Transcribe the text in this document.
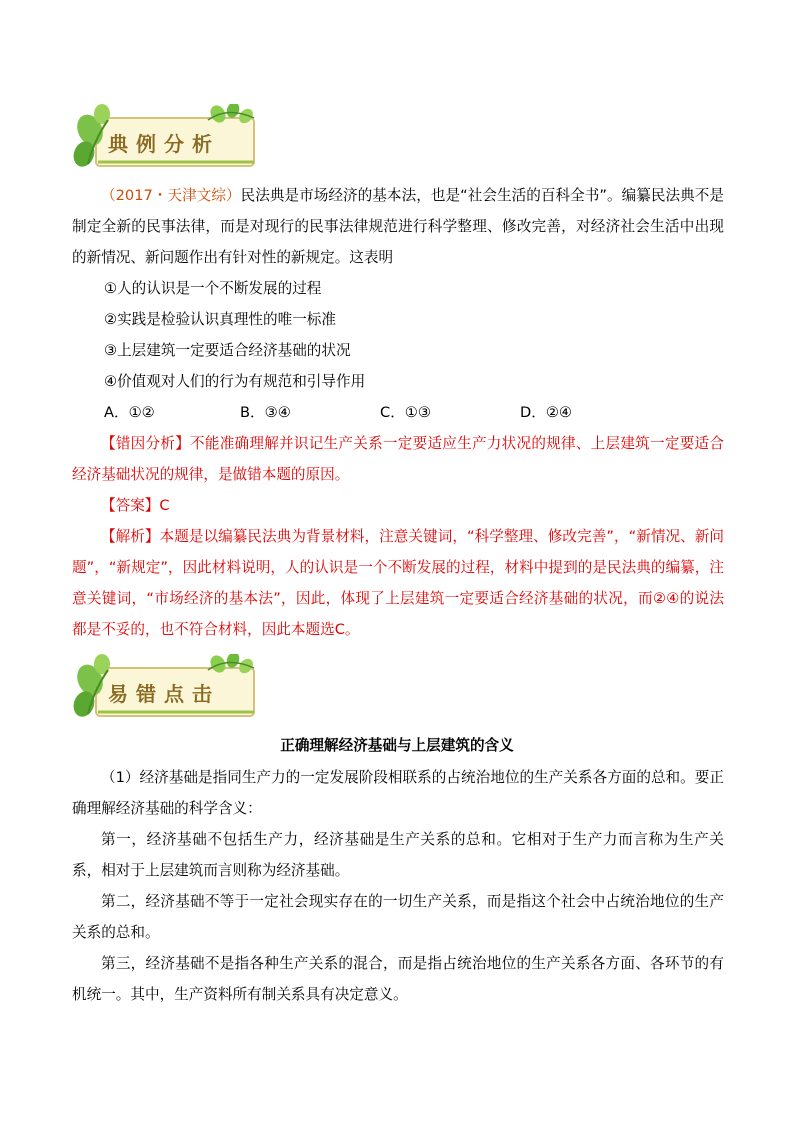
典例分析
（2017・天津文综）民法典是市场经济的基本法，也是“社会生活的百科全书”。编纂民法典不是制定全新的民事法律，而是对现行的民事法律规范进行科学整理、修改完善，对经济社会生活中出现的新情况、新问题作出有针对性的新规定。这表明
①人的认识是一个不断发展的过程
②实践是检验认识真理性的唯一标准
③上层建筑一定要适合经济基础的状况
④价值观对人们的行为有规范和引导作用
A．①②	B．③④	C．①③	D．②④
【错因分析】不能准确理解并识记生产关系一定要适应生产力状况的规律、上层建筑一定要适合经济基础状况的规律，是做错本题的原因。
【答案】C
【解析】本题是以编纂民法典为背景材料，注意关键词，“科学整理、修改完善”，“新情况、新问题”，“新规定”，因此材料说明，人的认识是一个不断发展的过程，材料中提到的是民法典的编纂，注意关键词，“市场经济的基本法”，因此，体现了上层建筑一定要适合经济基础的状况，而②④的说法都是不妥的，也不符合材料，因此本题选C。
易错点击
正确理解经济基础与上层建筑的含义
（1）经济基础是指同生产力的一定发展阶段相联系的占统治地位的生产关系各方面的总和。要正确理解经济基础的科学含义：
第一，经济基础不包括生产力，经济基础是生产关系的总和。它相对于生产力而言称为生产关系，相对于上层建筑而言则称为经济基础。
第二，经济基础不等于一定社会现实存在的一切生产关系，而是指这个社会中占统治地位的生产关系的总和。
第三，经济基础不是指各种生产关系的混合，而是指占统治地位的生产关系各方面、各环节的有机统一。其中，生产资料所有制关系具有决定意义。
